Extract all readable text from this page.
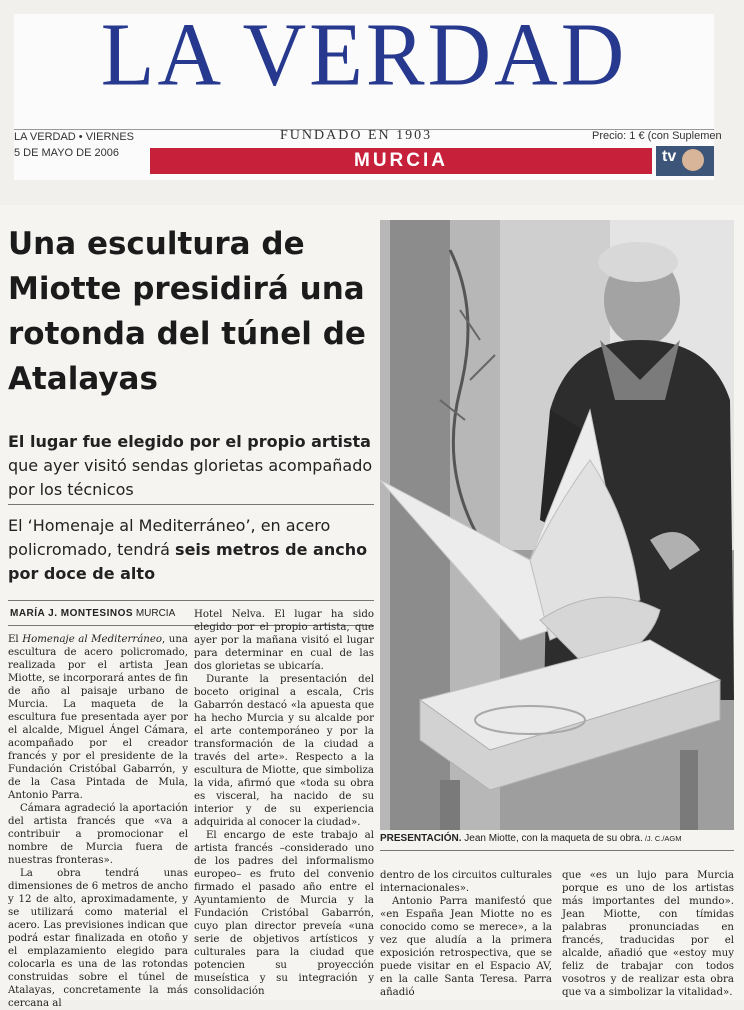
LA VERDAD
LA VERDAD • VIERNES
5 DE MAYO DE 2006
FUNDADO EN 1903	Precio: 1 € (con Suplemen
MURCIA	tv
Una escultura de Miotte presidirá una rotonda del túnel de Atalayas

El lugar fue elegido por el propio artista que ayer visitó sendas glorietas acompañado por los técnicos

El ‘Homenaje al Mediterráneo’, en acero policromado, tendrá seis metros de ancho por doce de alto

MARÍA J. MONTESINOS MURCIA

El Homenaje al Mediterráneo, una escultura de acero policromado, realizada por el artista Jean Miotte, se incorporará antes de fin de año al paisaje urbano de Murcia. La maqueta de la escultura fue presentada ayer por el alcalde, Miguel Ángel Cámara, acompañado por el creador francés y por el presidente de la Fundación Cristóbal Gabarrón, y de la Casa Pintada de Mula, Antonio Parra.

Cámara agradeció la aportación del artista francés que «va a contribuir a promocionar el nombre de Murcia fuera de nuestras fronteras».

La obra tendrá unas dimensiones de 6 metros de ancho y 12 de alto, aproximadamente, y se utilizará como material el acero. Las previsiones indican que podrá estar finalizada en otoño y el emplazamiento elegido para colocarla es una de las rotondas construidas sobre el túnel de Atalayas, concretamente la más cercana al

Hotel Nelva. El lugar ha sido elegido por el propio artista, que ayer por la mañana visitó el lugar para determinar en cual de las dos glorietas se ubicaría.

Durante la presentación del boceto original a escala, Cris Gabarrón destacó «la apuesta que ha hecho Murcia y su alcalde por el arte contemporáneo y por la transformación de la ciudad a través del arte». Respecto a la escultura de Miotte, que simboliza la vida, afirmó que «toda su obra es visceral, ha nacido de su interior y de su experiencia adquirida al conocer la ciudad».

El encargo de este trabajo al artista francés –considerado uno de los padres del informalismo europeo– es fruto del convenio firmado el pasado año entre el Ayuntamiento de Murcia y la Fundación Cristóbal Gabarrón, cuyo plan director preveía «una serie de objetivos artísticos y culturales para la ciudad que potencien su proyección museística y su integración y consolidación

PRESENTACIÓN. Jean Miotte, con la maqueta de su obra. /J. C./AGM

dentro de los circuitos culturales internacionales».

Antonio Parra manifestó que «en España Jean Miotte no es conocido como se merece», a la vez que aludía a la primera exposición retrospectiva, que se puede visitar en el Espacio AV, en la calle Santa Teresa. Parra añadió

que «es un lujo para Murcia porque es uno de los artistas más importantes del mundo». Jean Miotte, con tímidas palabras pronunciadas en francés, traducidas por el alcalde, añadió que «estoy muy feliz de trabajar con todos vosotros y de realizar esta obra que va a simbolizar la vitalidad».
